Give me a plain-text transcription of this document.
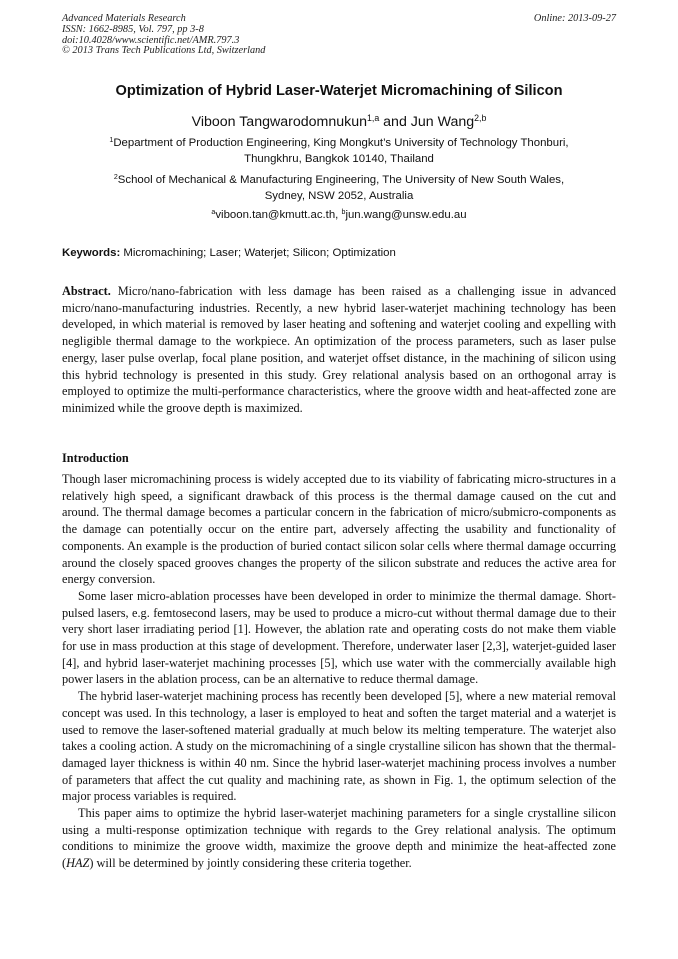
Advanced Materials Research
ISSN: 1662-8985, Vol. 797, pp 3-8
doi:10.4028/www.scientific.net/AMR.797.3
© 2013 Trans Tech Publications Ltd, Switzerland
Online: 2013-09-27
Optimization of Hybrid Laser-Waterjet Micromachining of Silicon
Viboon Tangwarodomnukun$^{1,a}$ and Jun Wang$^{2,b}$
$^1$Department of Production Engineering, King Mongkut’s University of Technology Thonburi,
Thungkhru, Bangkok 10140, Thailand
$^2$School of Mechanical & Manufacturing Engineering, The University of New South Wales,
Sydney, NSW 2052, Australia
$^a$viboon.tan@kmutt.ac.th, $^b$jun.wang@unsw.edu.au
Keywords: Micromachining; Laser; Waterjet; Silicon; Optimization
Abstract. Micro/nano-fabrication with less damage has been raised as a challenging issue in advanced micro/nano-manufacturing industries. Recently, a new hybrid laser-waterjet machining technology has been developed, in which material is removed by laser heating and softening and waterjet cooling and expelling with negligible thermal damage to the workpiece. An optimization of the process parameters, such as laser pulse energy, laser pulse overlap, focal plane position, and waterjet offset distance, in the machining of silicon using this hybrid technology is presented in this study. Grey relational analysis based on an orthogonal array is employed to optimize the multi-performance characteristics, where the groove width and heat-affected zone are minimized while the groove depth is maximized.
Introduction
Though laser micromachining process is widely accepted due to its viability of fabricating micro-structures in a relatively high speed, a significant drawback of this process is the thermal damage caused on the cut and around. The thermal damage becomes a particular concern in the fabrication of micro/submicro-components as the damage can potentially occur on the entire part, adversely affecting the usability and functionality of components. An example is the production of buried contact silicon solar cells where thermal damage occurring around the closely spaced grooves changes the property of the silicon substrate and reduces the active area for energy conversion.
Some laser micro-ablation processes have been developed in order to minimize the thermal damage. Short-pulsed lasers, e.g. femtosecond lasers, may be used to produce a micro-cut without thermal damage due to their very short laser irradiating period [1]. However, the ablation rate and operating costs do not make them viable for use in mass production at this stage of development. Therefore, underwater laser [2,3], waterjet-guided laser [4], and hybrid laser-waterjet machining processes [5], which use water with the commercially available high power lasers in the ablation process, can be an alternative to reduce thermal damage.
The hybrid laser-waterjet machining process has recently been developed [5], where a new material removal concept was used. In this technology, a laser is employed to heat and soften the target material and a waterjet is used to remove the laser-softened material gradually at much below its melting temperature. The waterjet also takes a cooling action. A study on the micromachining of a single crystalline silicon has shown that the thermal-damaged layer thickness is within 40 nm. Since the hybrid laser-waterjet machining process involves a number of parameters that affect the cut quality and machining rate, as shown in Fig. 1, the optimum selection of the major process variables is required.
This paper aims to optimize the hybrid laser-waterjet machining parameters for a single crystalline silicon using a multi-response optimization technique with regards to the Grey relational analysis. The optimum conditions to minimize the groove width, maximize the groove depth and minimize the heat-affected zone (HAZ) will be determined by jointly considering these criteria together.
